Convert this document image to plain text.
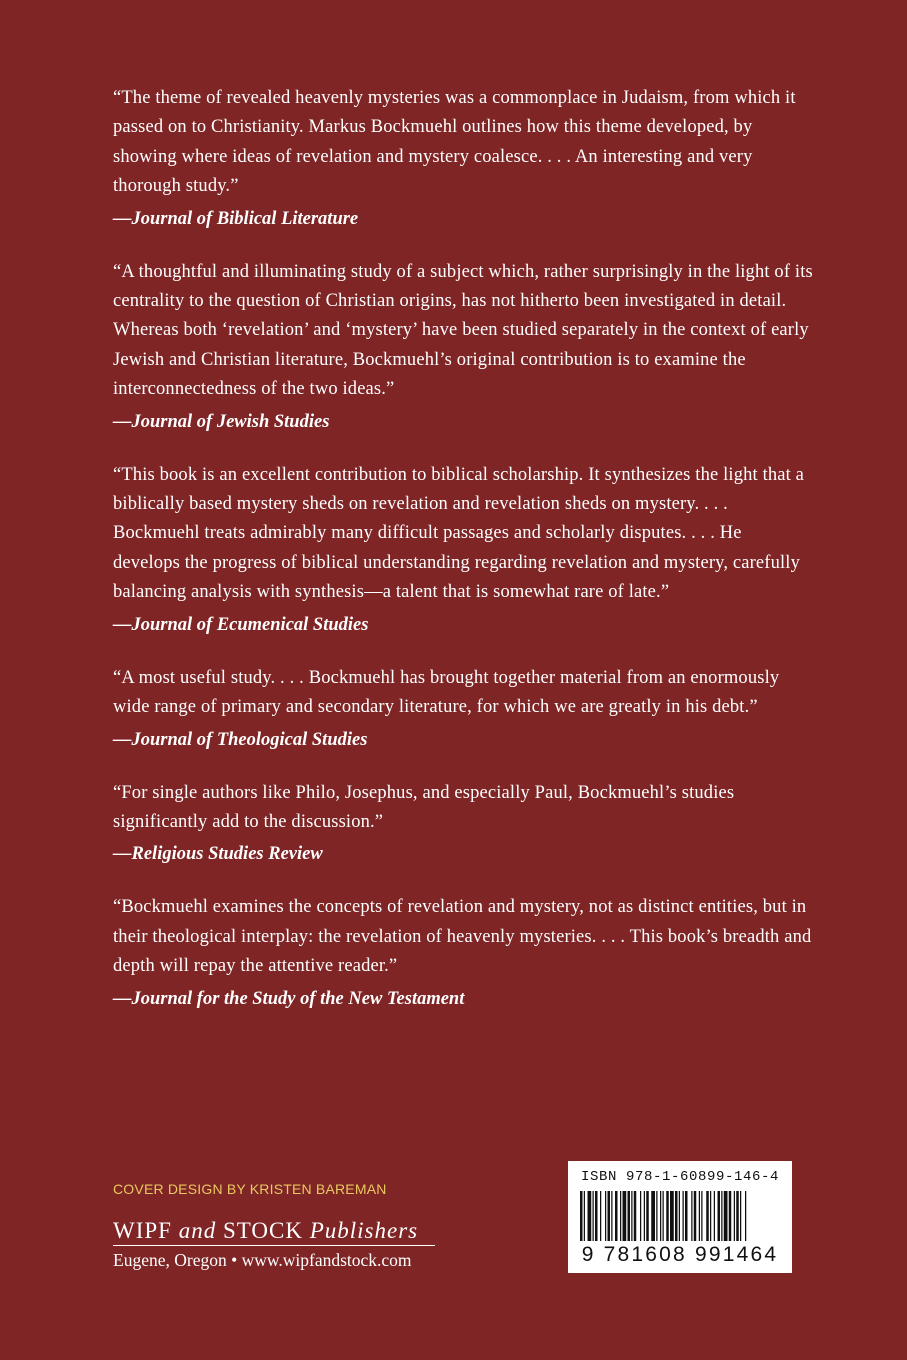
“The theme of revealed heavenly mysteries was a commonplace in Judaism, from which it passed on to Christianity. Markus Bockmuehl outlines how this theme developed, by showing where ideas of revelation and mystery coalesce. . . . An interesting and very thorough study.”

—Journal of Biblical Literature

“A thoughtful and illuminating study of a subject which, rather surprisingly in the light of its centrality to the question of Christian origins, has not hitherto been investigated in detail. Whereas both ‘revelation’ and ‘mystery’ have been studied separately in the context of early Jewish and Christian literature, Bockmuehl’s original contribution is to examine the interconnectedness of the two ideas.”

—Journal of Jewish Studies

“This book is an excellent contribution to biblical scholarship. It synthesizes the light that a biblically based mystery sheds on revelation and revelation sheds on mystery. . . . Bockmuehl treats admirably many difficult passages and scholarly disputes. . . . He develops the progress of biblical understanding regarding revelation and mystery, carefully balancing analysis with synthesis—a talent that is somewhat rare of late.”

—Journal of Ecumenical Studies

“A most useful study. . . . Bockmuehl has brought together material from an enormously wide range of primary and secondary literature, for which we are greatly in his debt.”

—Journal of Theological Studies

“For single authors like Philo, Josephus, and especially Paul, Bockmuehl’s studies significantly add to the discussion.”

—Religious Studies Review

“Bockmuehl examines the concepts of revelation and mystery, not as distinct entities, but in their theological interplay: the revelation of heavenly mysteries. . . . This book’s breadth and depth will repay the attentive reader.”

—Journal for the Study of the New Testament

COVER DESIGN BY KRISTEN BAREMAN
WIPF and STOCK Publishers
Eugene, Oregon • www.wipfandstock.com
ISBN 978-1-60899-146-4
9 781608 991464
